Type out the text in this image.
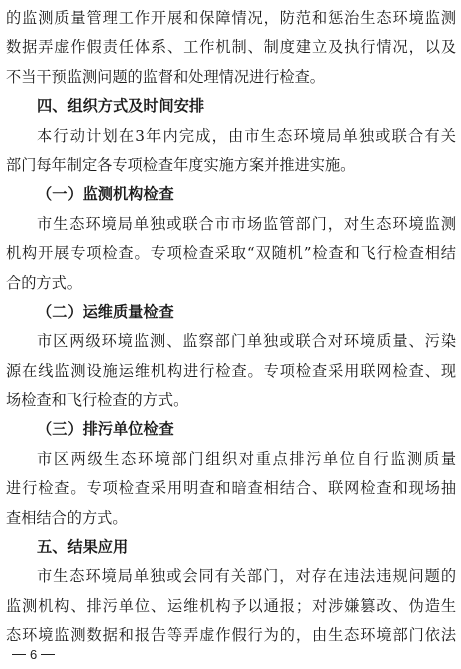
的监测质量管理工作开展和保障情况，防范和惩治生态环境监测
数据弄虚作假责任体系、工作机制、制度建立及执行情况，以及
不当干预监测问题的监督和处理情况进行检查。
四、组织方式及时间安排
本行动计划在3年内完成，由市生态环境局单独或联合有关
部门每年制定各专项检查年度实施方案并推进实施。
（一）监测机构检查
市生态环境局单独或联合市市场监管部门，对生态环境监测
机构开展专项检查。专项检查采取“双随机”检查和飞行检查相结
合的方式。
（二）运维质量检查
市区两级环境监测、监察部门单独或联合对环境质量、污染
源在线监测设施运维机构进行检查。专项检查采用联网检查、现
场检查和飞行检查的方式。
（三）排污单位检查
市区两级生态环境部门组织对重点排污单位自行监测质量
进行检查。专项检查采用明查和暗查相结合、联网检查和现场抽
查相结合的方式。
五、结果应用
市生态环境局单独或会同有关部门，对存在违法违规问题的
监测机构、排污单位、运维机构予以通报；对涉嫌篡改、伪造生
态环境监测数据和报告等弄虚作假行为的，由生态环境部门依法
6
